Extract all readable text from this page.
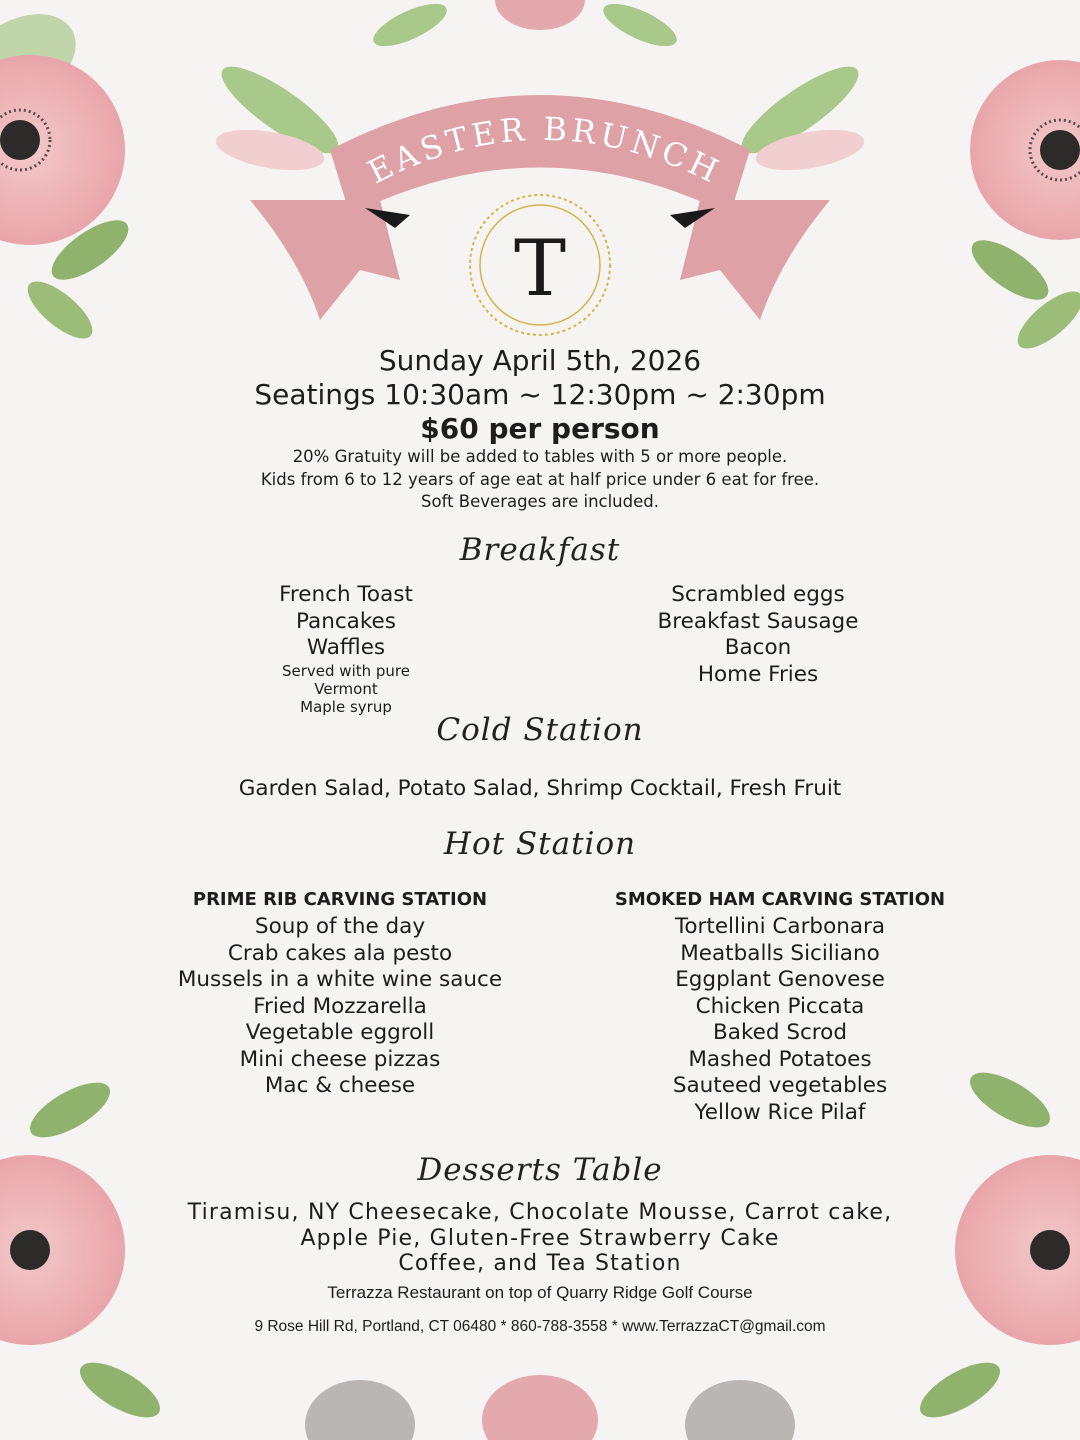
EASTER BRUNCH
T
Sunday April 5th, 2026
Seatings 10:30am ~ 12:30pm ~ 2:30pm
$60 per person
20% Gratuity will be added to tables with 5 or more people.
Kids from 6 to 12 years of age eat at half price under 6 eat for free.
Soft Beverages are included.
Breakfast
French Toast
Pancakes
Waffles
Served with pure
Vermont
Maple syrup
Scrambled eggs
Breakfast Sausage
Bacon
Home Fries
Cold Station
Garden Salad, Potato Salad, Shrimp Cocktail, Fresh Fruit
Hot Station
PRIME RIB CARVING STATION
Soup of the day
Crab cakes ala pesto
Mussels in a white wine sauce
Fried Mozzarella
Vegetable eggroll
Mini cheese pizzas
Mac & cheese
SMOKED HAM CARVING STATION
Tortellini Carbonara
Meatballs Siciliano
Eggplant Genovese
Chicken Piccata
Baked Scrod
Mashed Potatoes
Sauteed vegetables
Yellow Rice Pilaf
Desserts Table
Tiramisu, NY Cheesecake, Chocolate Mousse, Carrot cake,
Apple Pie, Gluten-Free Strawberry Cake
Coffee, and Tea Station
Terrazza Restaurant on top of Quarry Ridge Golf Course
9 Rose Hill Rd, Portland, CT 06480 * 860-788-3558 * www.TerrazzaCT@gmail.com
